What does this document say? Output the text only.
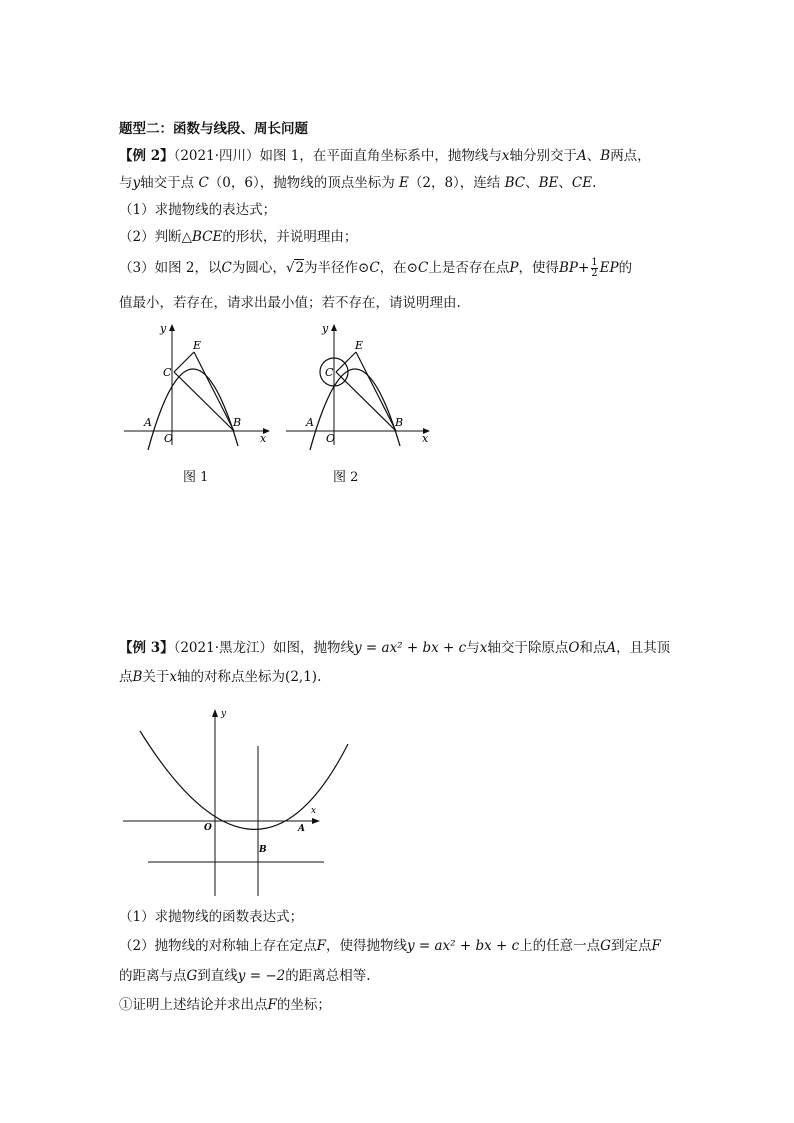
题型二：函数与线段、周长问题
【例 2】（2021·四川）如图 1，在平面直角坐标系中，抛物线与x轴分别交于A、B两点，
与y轴交于点 C（0，6），抛物线的顶点坐标为 E（2，8），连结 BC、BE、CE.
（1）求抛物线的表达式；
（2）判断△BCE的形状，并说明理由；
（3）如图 2，以C为圆心，√2为半径作⊙C，在⊙C上是否存在点P，使得$BP+ \frac{1}{2}$ EP的
值最小，若存在，请求出最小值；若不存在，请说明理由.
y
E
C
A
O
B
x
图 1
y
E
C
A
O
B
x
图 2
【例 3】（2021·黑龙江）如图，抛物线y = ax² + bx + c与x轴交于除原点O和点A，且其顶
点B关于x轴的对称点坐标为(2,1).
y
x
O	A
B
（1）求抛物线的函数表达式；
（2）抛物线的对称轴上存在定点F，使得抛物线y = ax² + bx + c上的任意一点G到定点F
的距离与点G到直线y = −2的距离总相等.
①证明上述结论并求出点F的坐标；
